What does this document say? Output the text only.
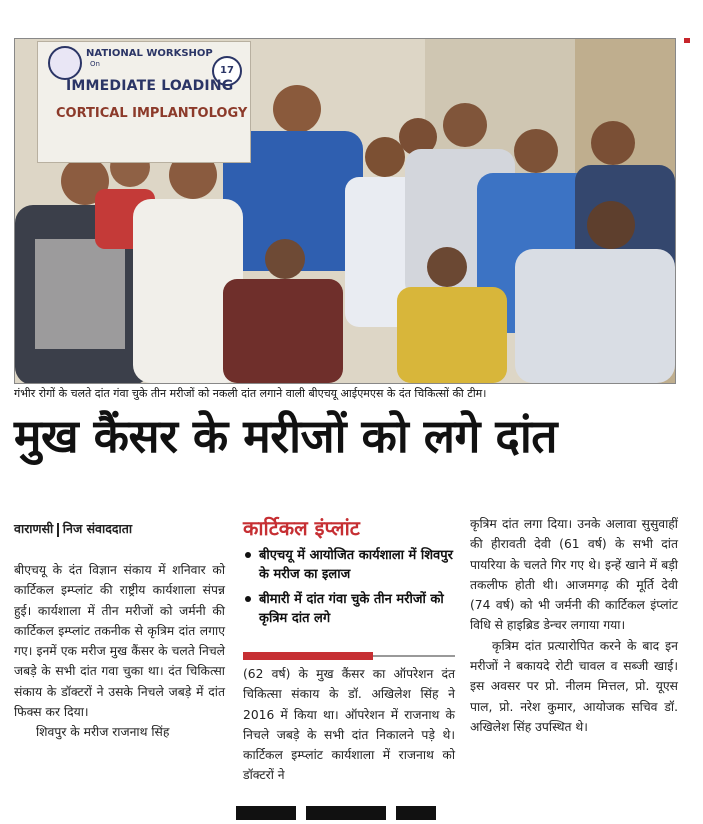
NATIONAL WORKSHOP
On
17
IMMEDIATE LOADING
CORTICAL IMPLANTOLOGY
गंभीर रोगों के चलते दांत गंवा चुके तीन मरीजों को नकली दांत लगाने वाली बीएचयू आईएमएस के दंत चिकित्सों की टीम।
मुख कैंसर के मरीजों को लगे दांत
वाराणसी निज संवाददाता

बीएचयू के दंत विज्ञान संकाय में शनिवार को कार्टिकल इम्प्लांट की राष्ट्रीय कार्यशाला संपन्न हुई। कार्यशाला में तीन मरीजों को जर्मनी की कार्टिकल इम्प्लांट तकनीक से कृत्रिम दांत लगाए गए। इनमें एक मरीज मुख कैंसर के चलते निचले जबड़े के सभी दांत गवा चुका था। दंत चिकित्सा संकाय के डॉक्टरों ने उसके निचले जबड़े में दांत फिक्स कर दिया।

शिवपुर के मरीज राजनाथ सिंह

कार्टिकल इंप्लांट
बीएचयू में आयोजित कार्यशाला में शिवपुर के मरीज का इलाज
बीमारी में दांत गंवा चुके तीन मरीजों को कृत्रिम दांत लगे

(62 वर्ष) के मुख कैंसर का ऑपरेशन दंत चिकित्सा संकाय के डॉ. अखिलेश सिंह ने 2016 में किया था। ऑपरेशन में राजनाथ के निचले जबड़े के सभी दांत निकालने पड़े थे। कार्टिकल इम्प्लांट कार्यशाला में राजनाथ को डॉक्टरों ने

कृत्रिम दांत लगा दिया। उनके अलावा सुसुवाहीं की हीरावती देवी (61 वर्ष) के सभी दांत पायरिया के चलते गिर गए थे। इन्हें खाने में बड़ी तकलीफ होती थी। आजमगढ़ की मूर्ति देवी (74 वर्ष) को भी जर्मनी की कार्टिकल इंप्लांट विधि से हाइब्रिड डेन्चर लगाया गया।

कृत्रिम दांत प्रत्यारोपित करने के बाद इन मरीजों ने बकायदे रोटी चावल व सब्जी खाई। इस अवसर पर प्रो. नीलम मित्तल, प्रो. यूएस पाल, प्रो. नरेश कुमार, आयोजक सचिव डॉ. अखिलेश सिंह उपस्थित थे।
